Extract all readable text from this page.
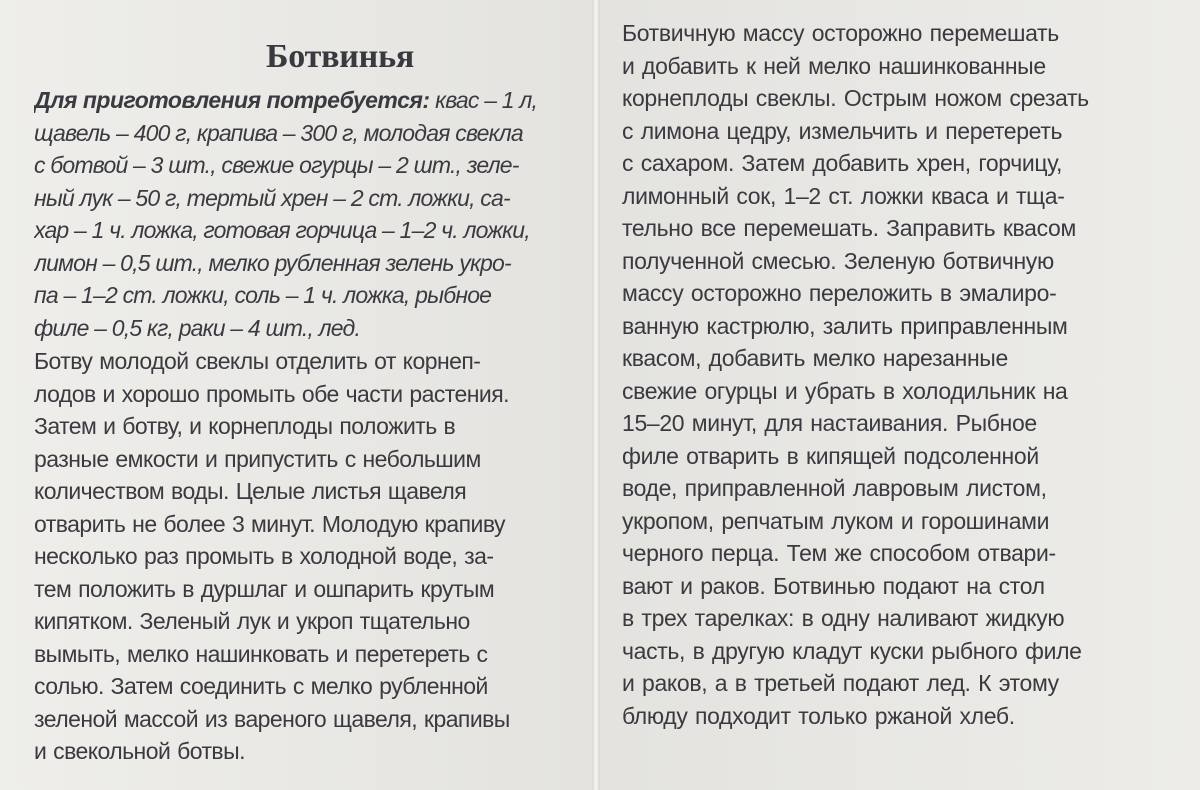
Ботвинья
Для приготовления потребуется: квас – 1 л,
щавель – 400 г, крапива – 300 г, молодая свекла
с ботвой – 3 шт., свежие огурцы – 2 шт., зеле-
ный лук – 50 г, тертый хрен – 2 ст. ложки, са-
хар – 1 ч. ложка, готовая горчица – 1–2 ч. ложки,
лимон – 0,5 шт., мелко рубленная зелень укро-
па – 1–2 ст. ложки, соль – 1 ч. ложка, рыбное
филе – 0,5 кг, раки – 4 шт., лед.
Ботву молодой свеклы отделить от корнеп-
лодов и хорошо промыть обе части растения.
Затем и ботву, и корнеплоды положить в
разные емкости и припустить с небольшим
количеством воды. Целые листья щавеля
отварить не более 3 минут. Молодую крапиву
несколько раз промыть в холодной воде, за-
тем положить в дуршлаг и ошпарить крутым
кипятком. Зеленый лук и укроп тщательно
вымыть, мелко нашинковать и перетереть с
солью. Затем соединить с мелко рубленной
зеленой массой из вареного щавеля, крапивы
и свекольной ботвы.
Ботвичную массу осторожно перемешать
и добавить к ней мелко нашинкованные
корнеплоды свеклы. Острым ножом срезать
с лимона цедру, измельчить и перетереть
с сахаром. Затем добавить хрен, горчицу,
лимонный сок, 1–2 ст. ложки кваса и тща-
тельно все перемешать. Заправить квасом
полученной смесью. Зеленую ботвичную
массу осторожно переложить в эмалиро-
ванную кастрюлю, залить приправленным
квасом, добавить мелко нарезанные
свежие огурцы и убрать в холодильник на
15–20 минут, для настаивания. Рыбное
филе отварить в кипящей подсоленной
воде, приправленной лавровым листом,
укропом, репчатым луком и горошинами
черного перца. Тем же способом отвари-
вают и раков. Ботвинью подают на стол
в трех тарелках: в одну наливают жидкую
часть, в другую кладут куски рыбного филе
и раков, а в третьей подают лед. К этому
блюду подходит только ржаной хлеб.
